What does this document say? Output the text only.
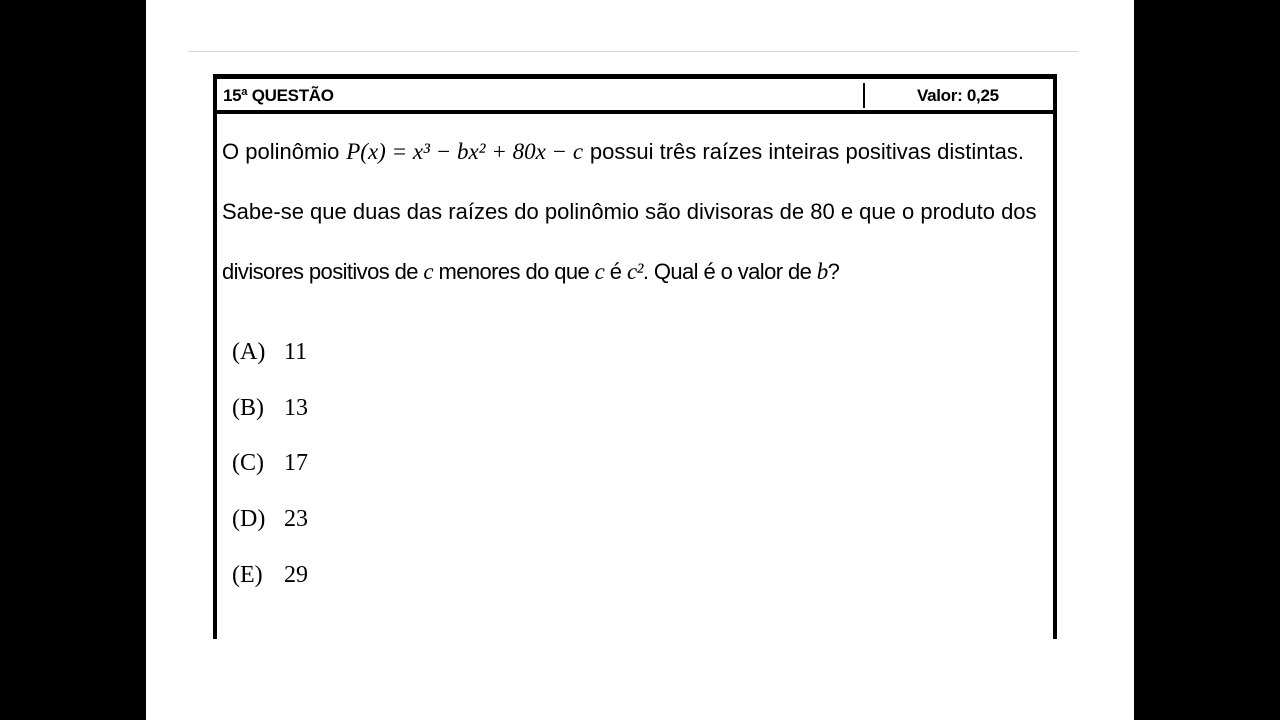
15ª QUESTÃO	Valor: 0,25
O polinômio P(x) = x³ − bx² + 80x − c possui três raízes inteiras positivas distintas.
Sabe-se que duas das raízes do polinômio são divisoras de 80 e que o produto dos
divisores positivos de
c
menores do que
c
é
c² . Qual é o valor de
b ?
(A) 11
(B) 13
(C) 17
(D) 23
(E) 29
